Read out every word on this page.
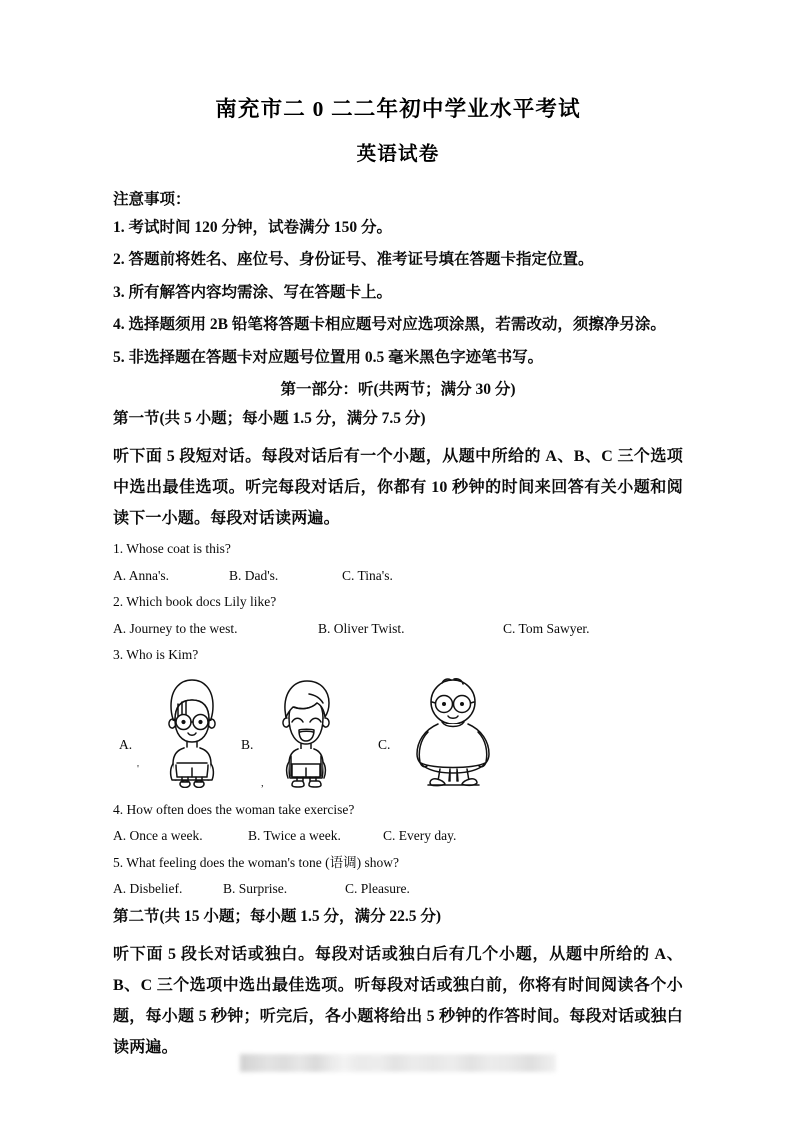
南充市二 0 二二年初中学业水平考试
英语试卷

注意事项：

1. 考试时间 120 分钟，试卷满分 150 分。

2. 答题前将姓名、座位号、身份证号、准考证号填在答题卡指定位置。

3. 所有解答内容均需涂、写在答题卡上。

4. 选择题须用 2B 铅笔将答题卡相应题号对应选项涂黑，若需改动，须擦净另涂。

5. 非选择题在答题卡对应题号位置用 0.5 毫米黑色字迹笔书写。

第一部分：听(共两节；满分 30 分)

第一节(共 5 小题；每小题 1.5 分，满分 7.5 分)

听下面 5 段短对话。每段对话后有一个小题，从题中所给的 A、B、C 三个选项中选出最佳选项。听完每段对话后，你都有 10 秒钟的时间来回答有关小题和阅读下一小题。每段对话读两遍。

1. Whose coat is this?

A. Anna's.	B. Dad's.	C. Tina's.

2. Which book docs Lily like?

A. Journey to the west.	B. Oliver Twist.	C. Tom Sawyer.

3. Who is Kim?

A.
'
B.
,
C.

4. How often does the woman take exercise?

A. Once a week.	B. Twice a week.	C. Every day.

5. What feeling does the woman's tone (语调) show?

A. Disbelief.	B. Surprise.	C. Pleasure.

第二节(共 15 小题；每小题 1.5 分，满分 22.5 分)

听下面 5 段长对话或独白。每段对话或独白后有几个小题，从题中所给的 A、B、C 三个选项中选出最佳选项。听每段对话或独白前，你将有时间阅读各个小题，每小题 5 秒钟；听完后，各小题将给出 5 秒钟的作答时间。每段对话或独白读两遍。
